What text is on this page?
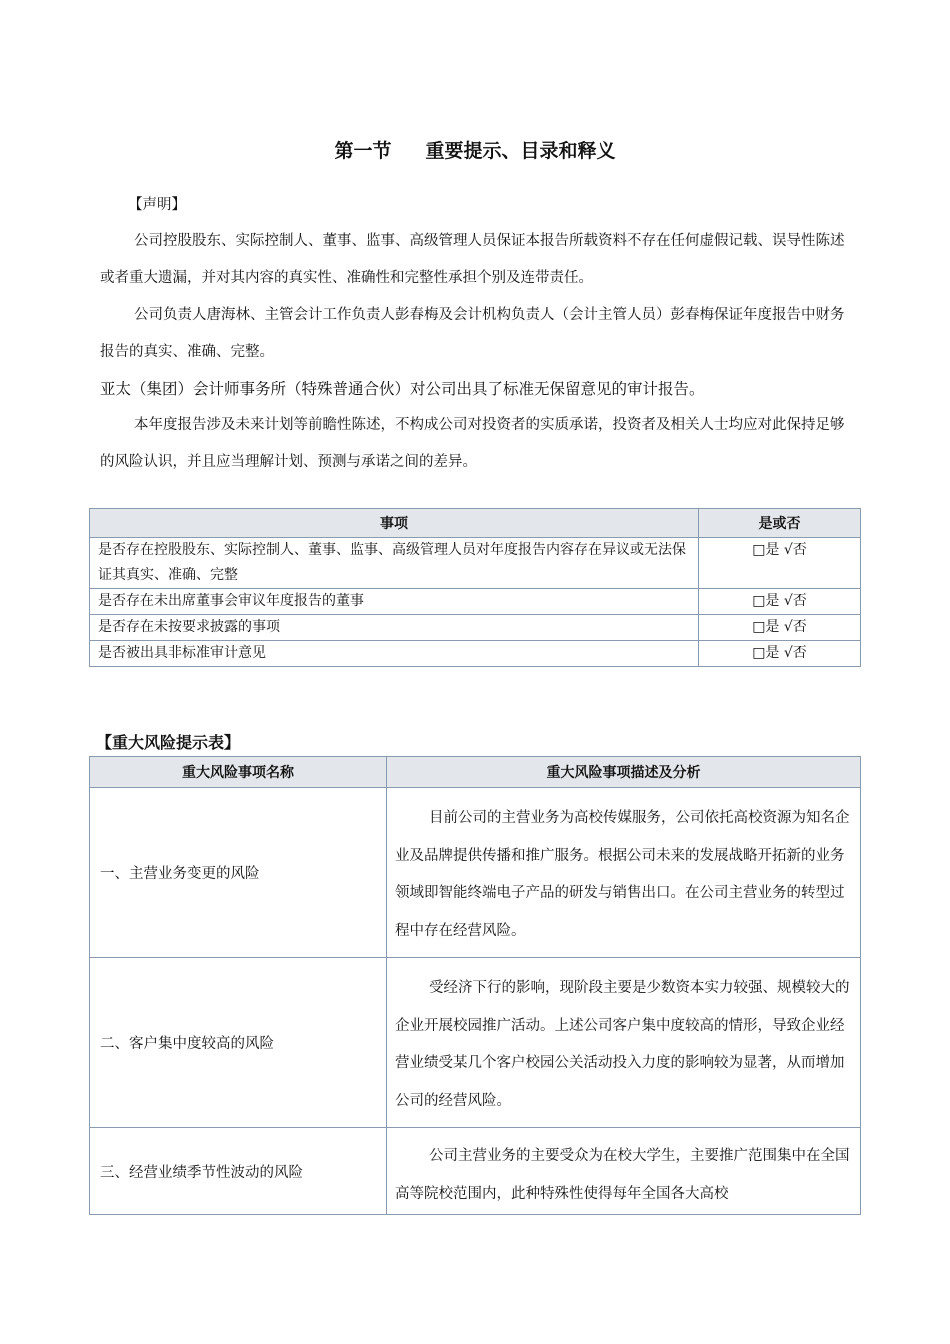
第一节 重要提示、目录和释义
【声明】
公司控股股东、实际控制人、董事、监事、高级管理人员保证本报告所载资料不存在任何虚假记载、误导性陈述或者重大遗漏，并对其内容的真实性、准确性和完整性承担个别及连带责任。
公司负责人唐海林、主管会计工作负责人彭春梅及会计机构负责人（会计主管人员）彭春梅保证年度报告中财务报告的真实、准确、完整。
亚太（集团）会计师事务所（特殊普通合伙）对公司出具了标准无保留意见的审计报告。
本年度报告涉及未来计划等前瞻性陈述，不构成公司对投资者的实质承诺，投资者及相关人士均应对此保持足够的风险认识，并且应当理解计划、预测与承诺之间的差异。
事项	是或否
是否存在控股股东、实际控制人、董事、监事、高级管理人员对年度报告内容存在异议或无法保证其真实、准确、完整	□是 √否
是否存在未出席董事会审议年度报告的董事	□是 √否
是否存在未按要求披露的事项	□是 √否
是否被出具非标准审计意见	□是 √否
【重大风险提示表】
重大风险事项名称	重大风险事项描述及分析
一、主营业务变更的风险	目前公司的主营业务为高校传媒服务，公司依托高校资源为知名企业及品牌提供传播和推广服务。根据公司未来的发展战略开拓新的业务领域即智能终端电子产品的研发与销售出口。在公司主营业务的转型过程中存在经营风险。
二、客户集中度较高的风险	受经济下行的影响，现阶段主要是少数资本实力较强、规模较大的企业开展校园推广活动。上述公司客户集中度较高的情形，导致企业经营业绩受某几个客户校园公关活动投入力度的影响较为显著，从而增加公司的经营风险。
三、经营业绩季节性波动的风险	公司主营业务的主要受众为在校大学生，主要推广范围集中在全国高等院校范围内，此种特殊性使得每年全国各大高校
